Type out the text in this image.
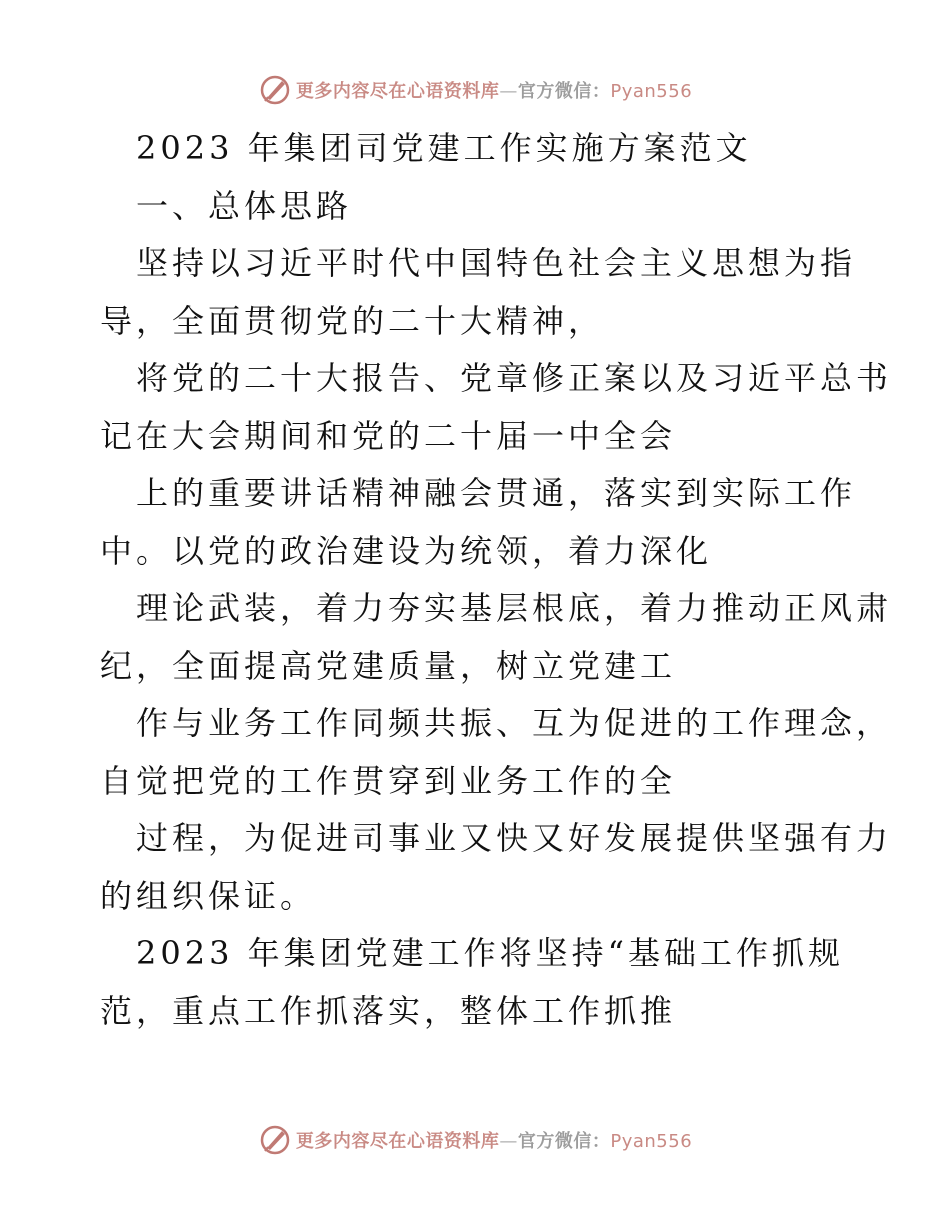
更多内容尽在心语资料库—官方微信：Pyan556
2023 年集团司党建工作实施方案范文
一、总体思路
坚持以习近平时代中国特色社会主义思想为指
导，全面贯彻党的二十大精神，
将党的二十大报告、党章修正案以及习近平总书
记在大会期间和党的二十届一中全会
上的重要讲话精神融会贯通，落实到实际工作
中。以党的政治建设为统领，着力深化
理论武装，着力夯实基层根底，着力推动正风肃
纪，全面提高党建质量，树立党建工
作与业务工作同频共振、互为促进的工作理念，
自觉把党的工作贯穿到业务工作的全
过程，为促进司事业又快又好发展提供坚强有力
的组织保证。
2023 年集团党建工作将坚持“基础工作抓规
范，重点工作抓落实，整体工作抓推
更多内容尽在心语资料库—官方微信：Pyan556
